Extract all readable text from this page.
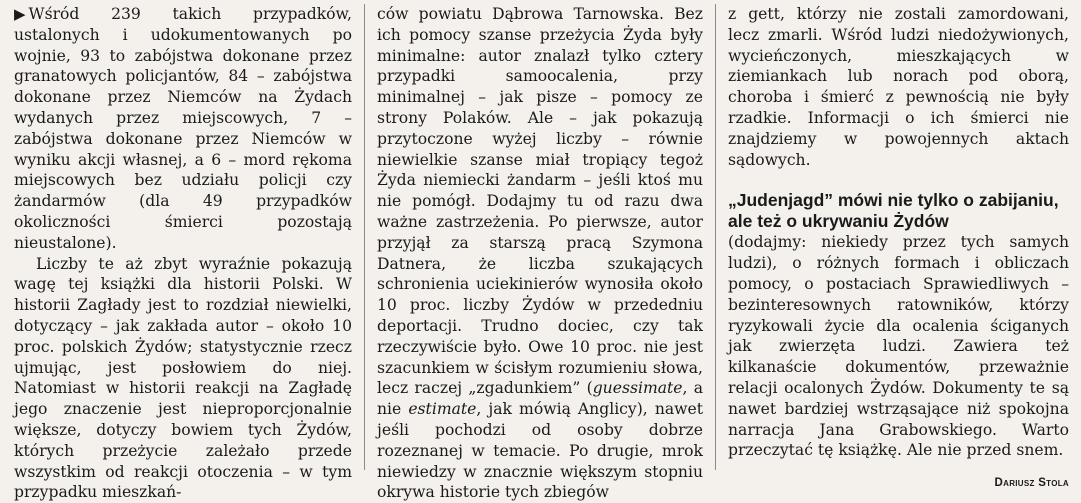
▶ Wśród 239 takich przypadków, ustalonych i udokumentowanych po wojnie, 93 to zabójstwa dokonane przez granatowych policjantów, 84 – zabójstwa dokonane przez Niemców na Żydach wydanych przez miejscowych, 7 – zabójstwa dokonane przez Niemców w wyniku akcji własnej, a 6 – mord rękoma miejscowych bez udziału policji czy żandarmów (dla 49 przypadków okoliczności śmierci pozostają nieustalone).

Liczby te aż zbyt wyraźnie pokazują wagę tej książki dla historii Polski. W historii Zagłady jest to rozdział niewielki, dotyczący – jak zakłada autor – około 10 proc. polskich Żydów; statystycznie rzecz ujmując, jest posłowiem do niej. Natomiast w historii reakcji na Zagładę jego znaczenie jest nieproporcjonalnie większe, dotyczy bowiem tych Żydów, których przeżycie zależało przede wszystkim od reakcji otoczenia – w tym przypadku mieszkań-

ców powiatu Dąbrowa Tarnowska. Bez ich pomocy szanse przeżycia Żyda były minimalne: autor znalazł tylko cztery przypadki samoocalenia, przy minimalnej – jak pisze – pomocy ze strony Polaków. Ale – jak pokazują przytoczone wyżej liczby – równie niewielkie szanse miał tropiący tegoż Żyda niemiecki żandarm – jeśli ktoś mu nie pomógł. Dodajmy tu od razu dwa ważne zastrzeżenia. Po pierwsze, autor przyjął za starszą pracą Szymona Datnera, że liczba szukających schronienia uciekinierów wynosiła około 10 proc. liczby Żydów w przededniu deportacji. Trudno dociec, czy tak rzeczywiście było. Owe 10 proc. nie jest szacunkiem w ścisłym rozumieniu słowa, lecz raczej „zgadunkiem” (guessimate, a nie estimate, jak mówią Anglicy), nawet jeśli pochodzi od osoby dobrze rozeznanej w temacie. Po drugie, mrok niewiedzy w znacznie większym stopniu okrywa historie tych zbiegów

z gett, którzy nie zostali zamordowani, lecz zmarli. Wśród ludzi niedożywionych, wycieńczonych, mieszkających w ziemiankach lub norach pod oborą, choroba i śmierć z pewnością nie były rzadkie. Informacji o ich śmierci nie znajdziemy w powojennych aktach sądowych.

„Judenjagd” mówi nie tylko o zabijaniu, ale też o ukrywaniu Żydów

(dodajmy: niekiedy przez tych samych ludzi), o różnych formach i obliczach pomocy, o postaciach Sprawiedliwych – bezinteresownych ratowników, którzy ryzykowali życie dla ocalenia ściganych jak zwierzęta ludzi. Zawiera też kilkanaście dokumentów, przeważnie relacji ocalonych Żydów. Dokumenty te są nawet bardziej wstrząsające niż spokojna narracja Jana Grabowskiego. Warto przeczytać tę książkę. Ale nie przed snem.

Dariusz Stola
